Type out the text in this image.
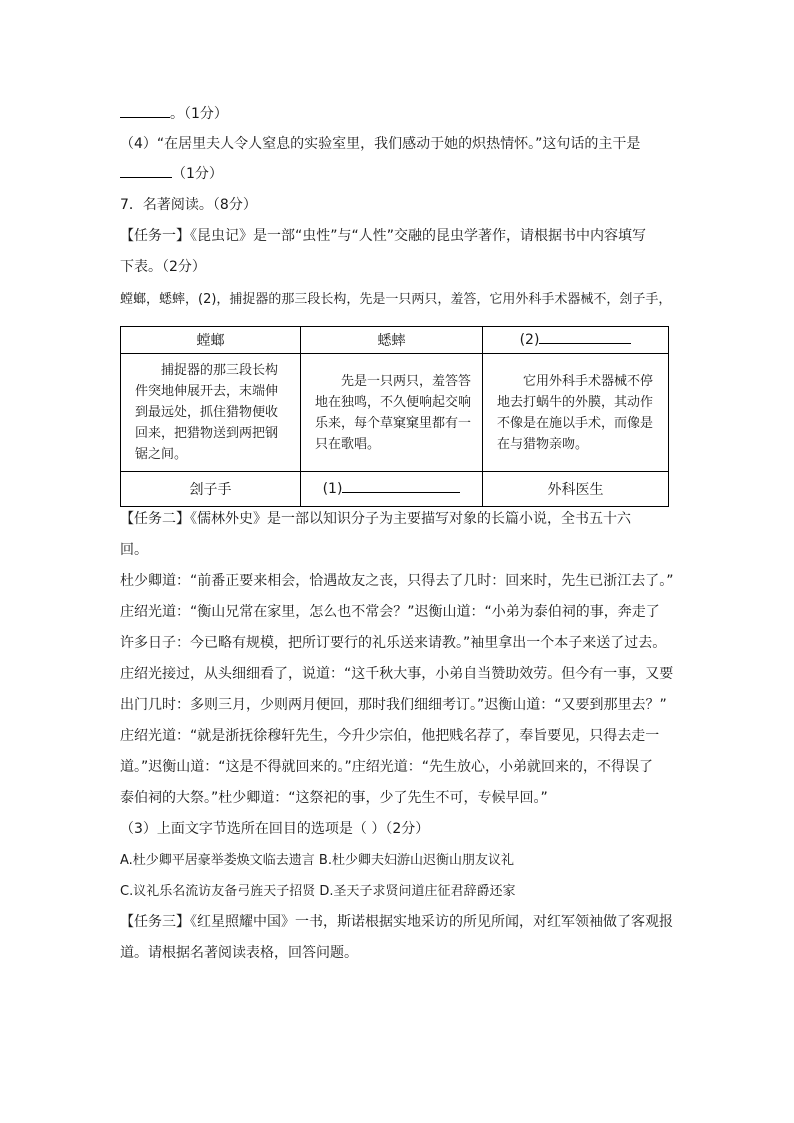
。（1分）
（4）“在居里夫人令人窒息的实验室里，我们感动于她的炽热情怀。”这句话的主干是
（1分）
7．名著阅读。（8分）
【任务一】《昆虫记》是一部“虫性”与“人性”交融的昆虫学著作，请根据书中内容填写
下表。（2分）
螳螂，蟋蟀，(2)，捕捉器的那三段长构，先是一只两只，羞答，它用外科手术器械不，刽子手，
螳螂	蟋蟀	(2)
捕捉器的那三段长构件突地伸展开去，末端伸到最远处，抓住猎物便收回来，把猎物送到两把钢锯之间。	先是一只两只，羞答答地在独鸣，不久便响起交响乐来，每个草窠窠里都有一只在歌唱。	它用外科手术器械不停地去打蜗牛的外膜，其动作不像是在施以手术，而像是在与猎物亲吻。
刽子手	(1)	外科医生
【任务二】《儒林外史》是一部以知识分子为主要描写对象的长篇小说，全书五十六
回。
杜少卿道：“前番正要来相会，恰遇故友之丧，只得去了几时：回来时，先生已浙江去了。”
庄绍光道：“衡山兄常在家里，怎么也不常会？”迟衡山道：“小弟为泰伯祠的事，奔走了
许多日子：今已略有规模，把所订要行的礼乐送来请教。”袖里拿出一个本子来送了过去。
庄绍光接过，从头细细看了，说道：“这千秋大事，小弟自当赞助效劳。但今有一事，又要
出门几时：多则三月，少则两月便回，那时我们细细考订。”迟衡山道：“又要到那里去？”
庄绍光道：“就是浙抚徐穆轩先生，今升少宗伯，他把贱名荐了，奉旨要见，只得去走一
道。”迟衡山道：“这是不得就回来的。”庄绍光道：“先生放心，小弟就回来的，不得误了
泰伯祠的大祭。”杜少卿道：“这祭祀的事，少了先生不可，专候早回。”
（3）上面文字节选所在回目的选项是（ ）（2分）
A.杜少卿平居豪举娄焕文临去遗言 B.杜少卿夫妇游山迟衡山朋友议礼
C.议礼乐名流访友备弓旌天子招贤 D.圣天子求贤问道庄征君辞爵还家
【任务三】《红星照耀中国》一书，斯诺根据实地采访的所见所闻，对红军领袖做了客观报
道。请根据名著阅读表格，回答问题。
